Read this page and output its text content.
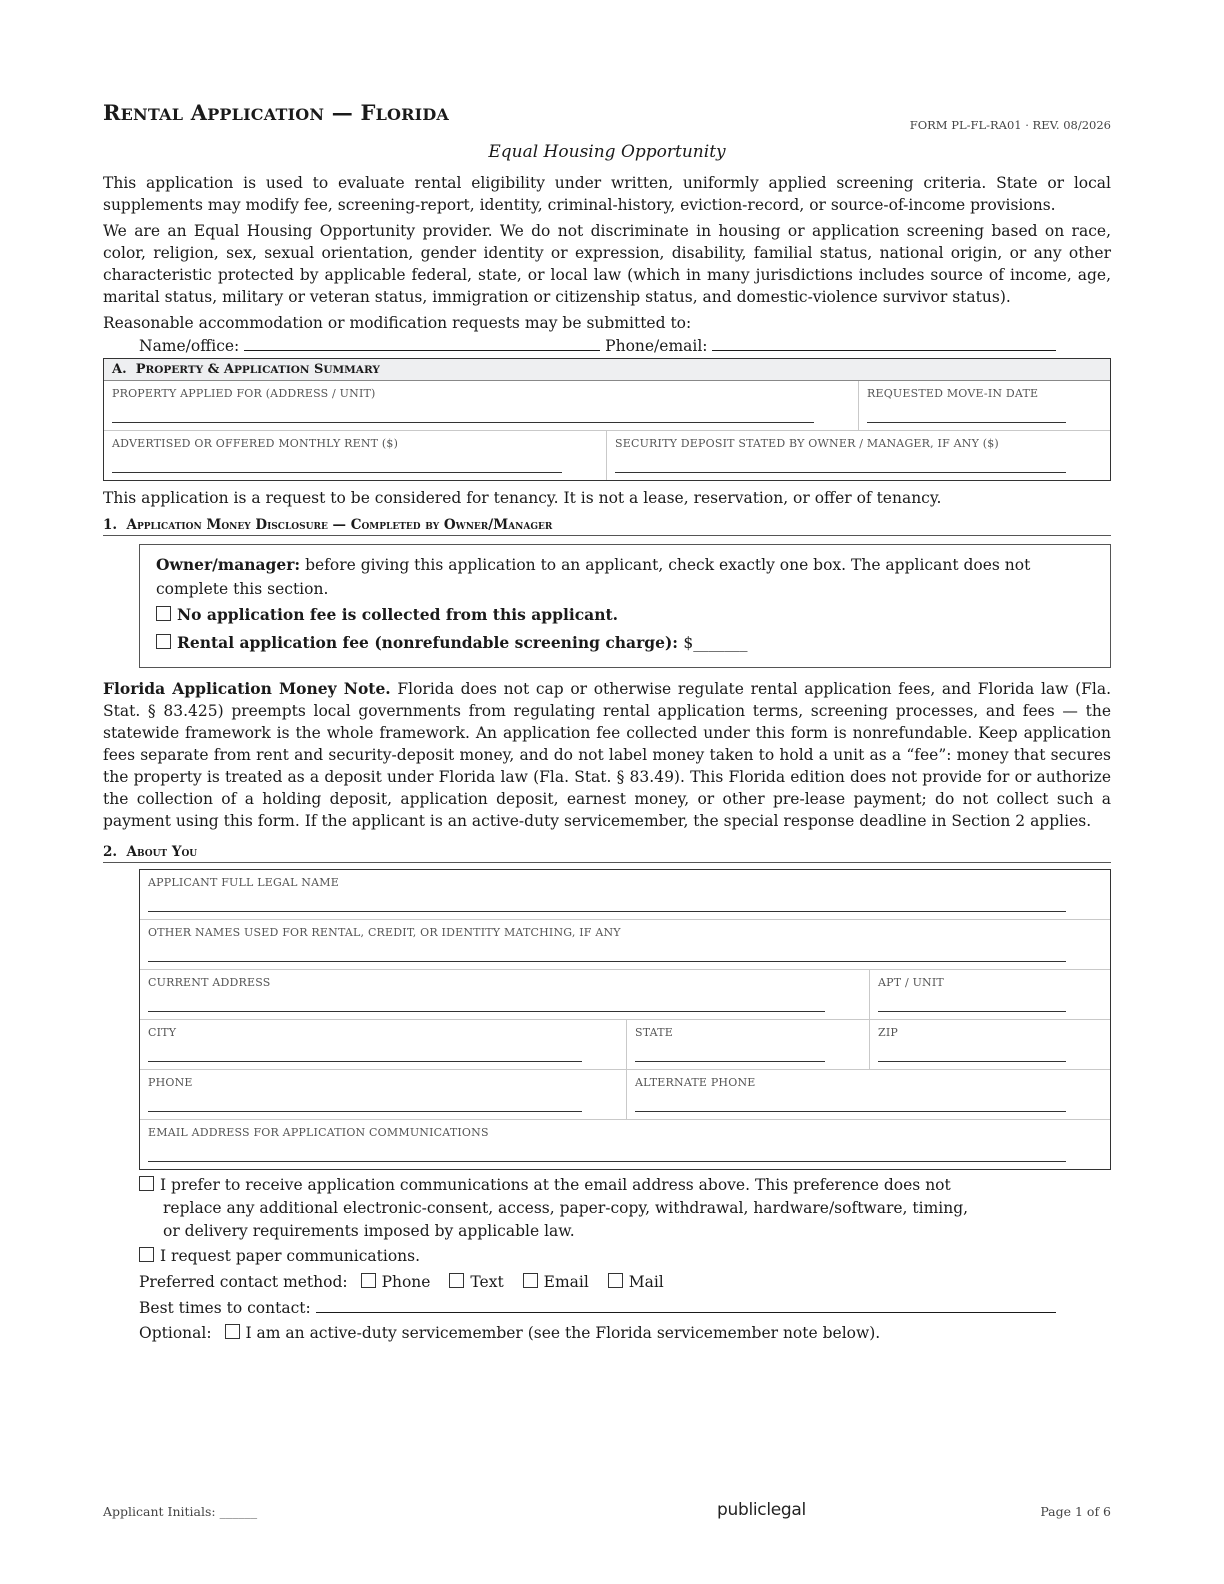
RENTAL APPLICATION — FLORIDA
FORM PL-FL-RA01 · REV. 08/2026
Equal Housing Opportunity

This application is used to evaluate rental eligibility under written, uniformly applied screening criteria. State or local supplements may modify fee, screening-report, identity, criminal-history, eviction-record, or source-of-income provisions.

We are an Equal Housing Opportunity provider. We do not discriminate in housing or application screening based on race, color, religion, sex, sexual orientation, gender identity or expression, disability, familial status, national origin, or any other characteristic protected by applicable federal, state, or local law (which in many jurisdictions includes source of income, age, marital status, military or veteran status, immigration or citizenship status, and domestic-violence survivor status).

Reasonable accommodation or modification requests may be submitted to:

Name/office:	Phone/email:
A. PROPERTY & APPLICATION SUMMARY
PROPERTY APPLIED FOR (ADDRESS / UNIT)	REQUESTED MOVE-IN DATE
ADVERTISED OR OFFERED MONTHLY RENT ($)	SECURITY DEPOSIT STATED BY OWNER / MANAGER, IF ANY ($)

This application is a request to be considered for tenancy. It is not a lease, reservation, or offer of tenancy.

1. Application Money Disclosure — Completed by Owner/Manager
Owner/manager: before giving this application to an applicant, check exactly one box. The applicant does not complete this section.
No application fee is collected from this applicant.
Rental application fee (nonrefundable screening charge): $_______

Florida Application Money Note. Florida does not cap or otherwise regulate rental application fees, and Florida law (Fla. Stat. § 83.425) preempts local governments from regulating rental application terms, screening processes, and fees — the statewide framework is the whole framework. An application fee collected under this form is nonrefundable. Keep application fees separate from rent and security-deposit money, and do not label money taken to hold a unit as a “fee”: money that secures the property is treated as a deposit under Florida law (Fla. Stat. § 83.49). This Florida edition does not provide for or authorize the collection of a holding deposit, application deposit, earnest money, or other pre-lease payment; do not collect such a payment using this form. If the applicant is an active-duty servicemember, the special response deadline in Section 2 applies.

2. About You
APPLICANT FULL LEGAL NAME
OTHER NAMES USED FOR RENTAL, CREDIT, OR IDENTITY MATCHING, IF ANY
CURRENT ADDRESS	APT / UNIT
CITY	STATE	ZIP
PHONE	ALTERNATE PHONE
EMAIL ADDRESS FOR APPLICATION COMMUNICATIONS
I prefer to receive application communications at the email address above. This preference does not
replace any additional electronic-consent, access, paper-copy, withdrawal, hardware/software, timing,
or delivery requirements imposed by applicable law.
I request paper communications.
Preferred contact method: Phone	Text	Email	Mail
Best times to contact:
Optional: I am an active-duty servicemember (see the Florida servicemember note below).
Applicant Initials: ______	publiclegal	Page 1 of 6
